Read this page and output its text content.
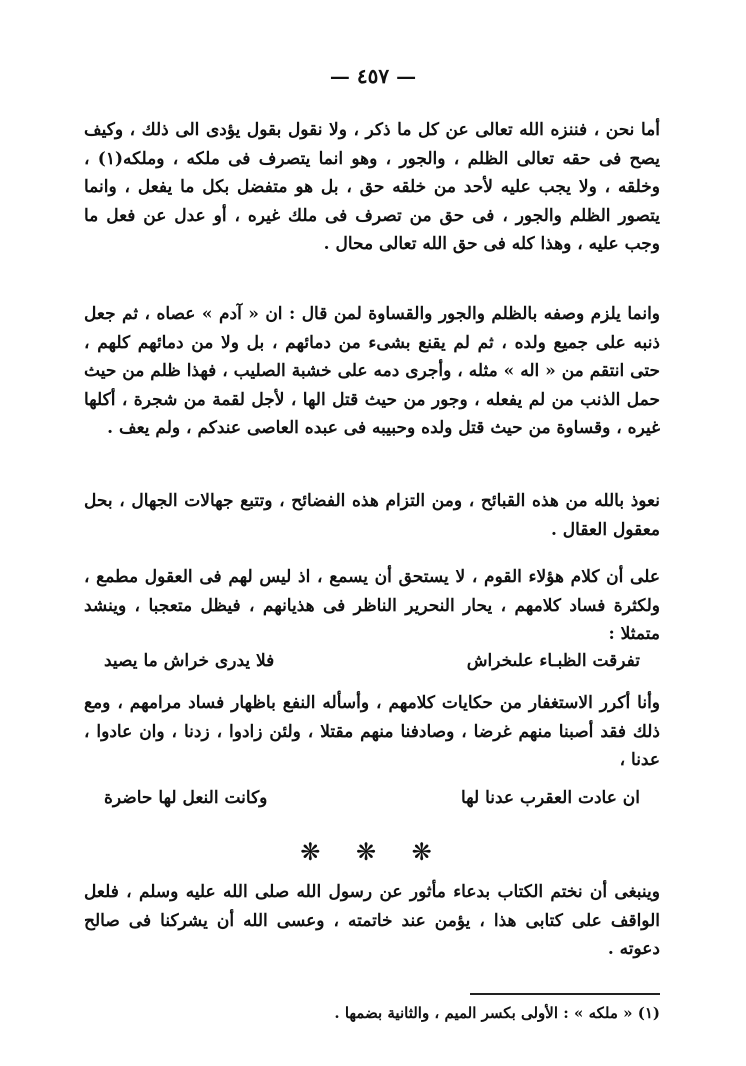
— ٤٥٧ —
أما نحن ، فننزه الله تعالى عن كل ما ذكر ، ولا نقول بقول يؤدى الى ذلك ، وكيف يصح فى حقه تعالى الظلم ، والجور ، وهو انما يتصرف فى ملكه ، وملكه(١) ، وخلقه ، ولا يجب عليه لأحد من خلقه حق ، بل هو متفضل بكل ما يفعل ، وانما يتصور الظلم والجور ، فى حق من تصرف فى ملك غيره ، أو عدل عن فعل ما وجب عليه ، وهذا كله فى حق الله تعالى محال .
وانما يلزم وصفه بالظلم والجور والقساوة لمن قال : ان « آدم » عصاه ، ثم جعل ذنبه على جميع ولده ، ثم لم يقنع بشىء من دمائهم ، بل ولا من دمائهم كلهم ، حتى انتقم من « اله » مثله ، وأجرى دمه على خشبة الصليب ، فهذا ظلم من حيث حمل الذنب من لم يفعله ، وجور من حيث قتل الها ، لأجل لقمة من شجرة ، أكلها غيره ، وقساوة من حيث قتل ولده وحبيبه فى عبده العاصى عندكم ، ولم يعف .
نعوذ بالله من هذه القبائح ، ومن التزام هذه الفضائح ، وتتبع جهالات الجهال ، بحل معقول العقال .
على أن كلام هؤلاء القوم ، لا يستحق أن يسمع ، اذ ليس لهم فى العقول مطمع ، ولكثرة فساد كلامهم ، يحار النحرير الناظر فى هذيانهم ، فيظل متعجبا ، وينشد متمثلا :
تفرقت الظبـاء علىخراش
فلا يدرى خراش ما يصيد
وأنا أكرر الاستغفار من حكايات كلامهم ، وأسأله النفع باظهار فساد مرامهم ، ومع ذلك فقد أصبنا منهم غرضا ، وصادفنا منهم مقتلا ، ولئن زادوا ، زدنا ، وان عادوا ، عدنا ،
ان عادت العقرب عدنا لها
وكانت النعل لها حاضرة
❋ ❋ ❋
وينبغى أن نختم الكتاب بدعاء مأثور عن رسول الله صلى الله عليه وسلم ، فلعل الواقف على كتابى هذا ، يؤمن عند خاتمته ، وعسى الله أن يشركنا فى صالح دعوته .
(١) « ملكه » : الأولى بكسر الميم ، والثانية بضمها .
